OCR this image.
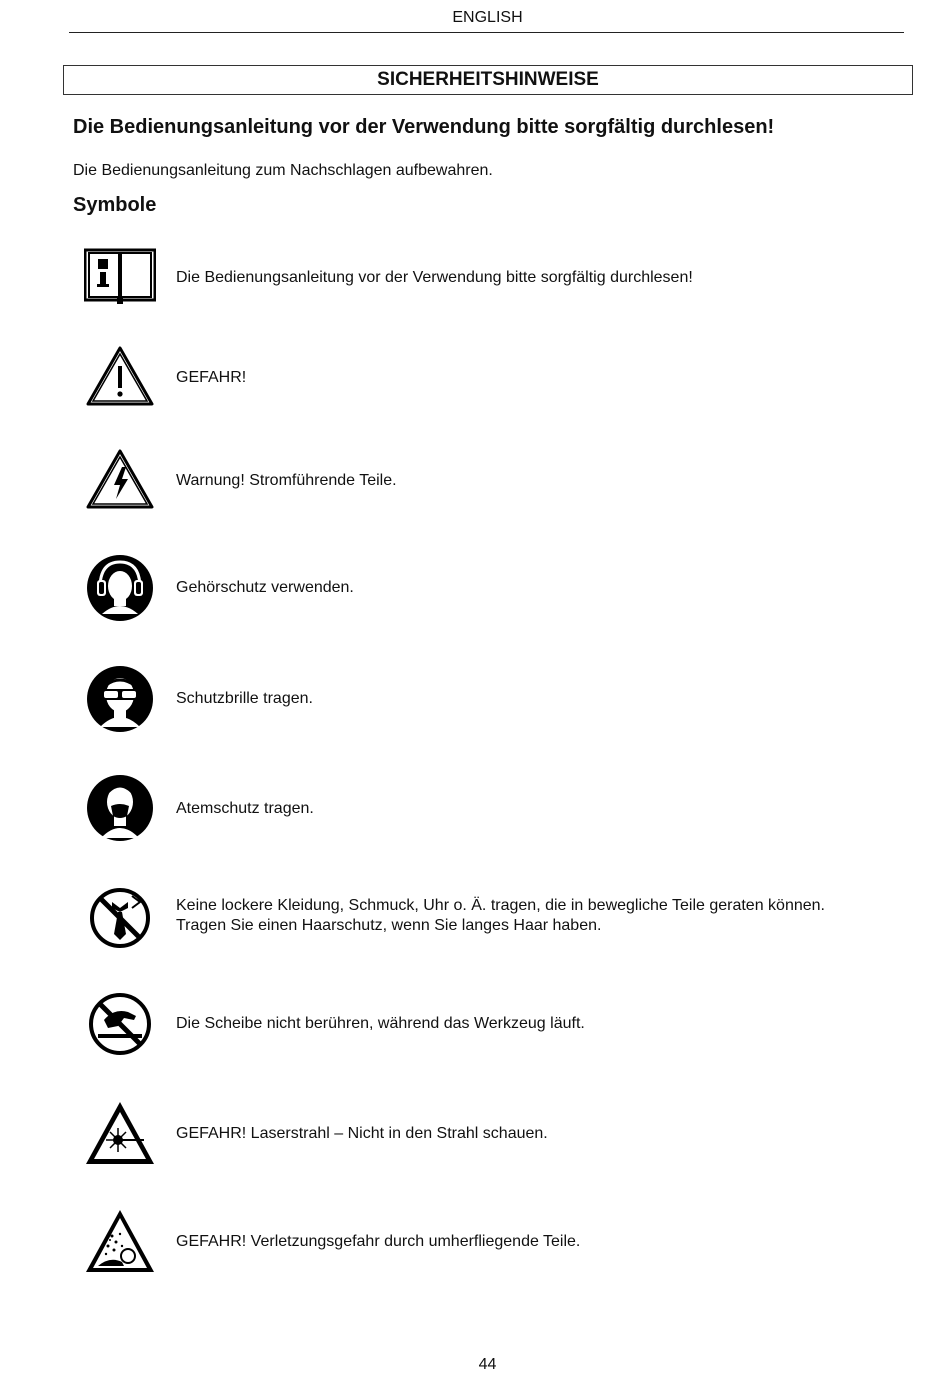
ENGLISH
SICHERHEITSHINWEISE
Die Bedienungsanleitung vor der Verwendung bitte sorgfältig durchlesen!
Die Bedienungsanleitung zum Nachschlagen aufbewahren.
Symbole
Die Bedienungsanleitung vor der Verwendung bitte sorgfältig durchlesen!
GEFAHR!
Warnung! Stromführende Teile.
Gehörschutz verwenden.
Schutzbrille tragen.
Atemschutz tragen.
Keine lockere Kleidung, Schmuck, Uhr o. Ä. tragen, die in bewegliche Teile geraten können.
Tragen Sie einen Haarschutz, wenn Sie langes Haar haben.
Die Scheibe nicht berühren, während das Werkzeug läuft.
GEFAHR! Laserstrahl – Nicht in den Strahl schauen.
GEFAHR! Verletzungsgefahr durch umherfliegende Teile.
44
